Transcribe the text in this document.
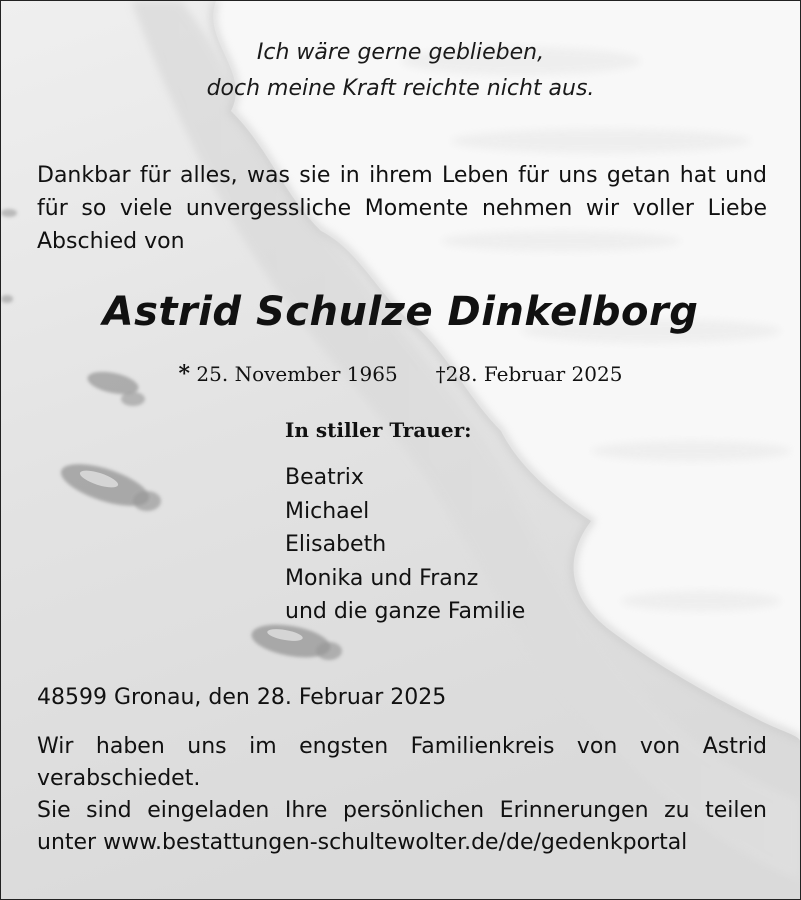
Ich wäre gerne geblieben,
doch meine Kraft reichte nicht aus.
Dankbar für alles, was sie in ihrem Leben für uns getan hat und für so viele unvergessliche Momente nehmen wir voller Liebe Abschied von
Astrid Schulze Dinkelborg
* 25. November 1965 †28. Februar 2025
In stiller Trauer:
Beatrix
Michael
Elisabeth
Monika und Franz
und die ganze Familie
48599 Gronau, den 28. Februar 2025
Wir haben uns im engsten Familienkreis von von Astrid verabschiedet.
Sie sind eingeladen Ihre persönlichen Erinnerungen zu teilen unter www.bestattungen-schultewolter.de/de/gedenkportal
